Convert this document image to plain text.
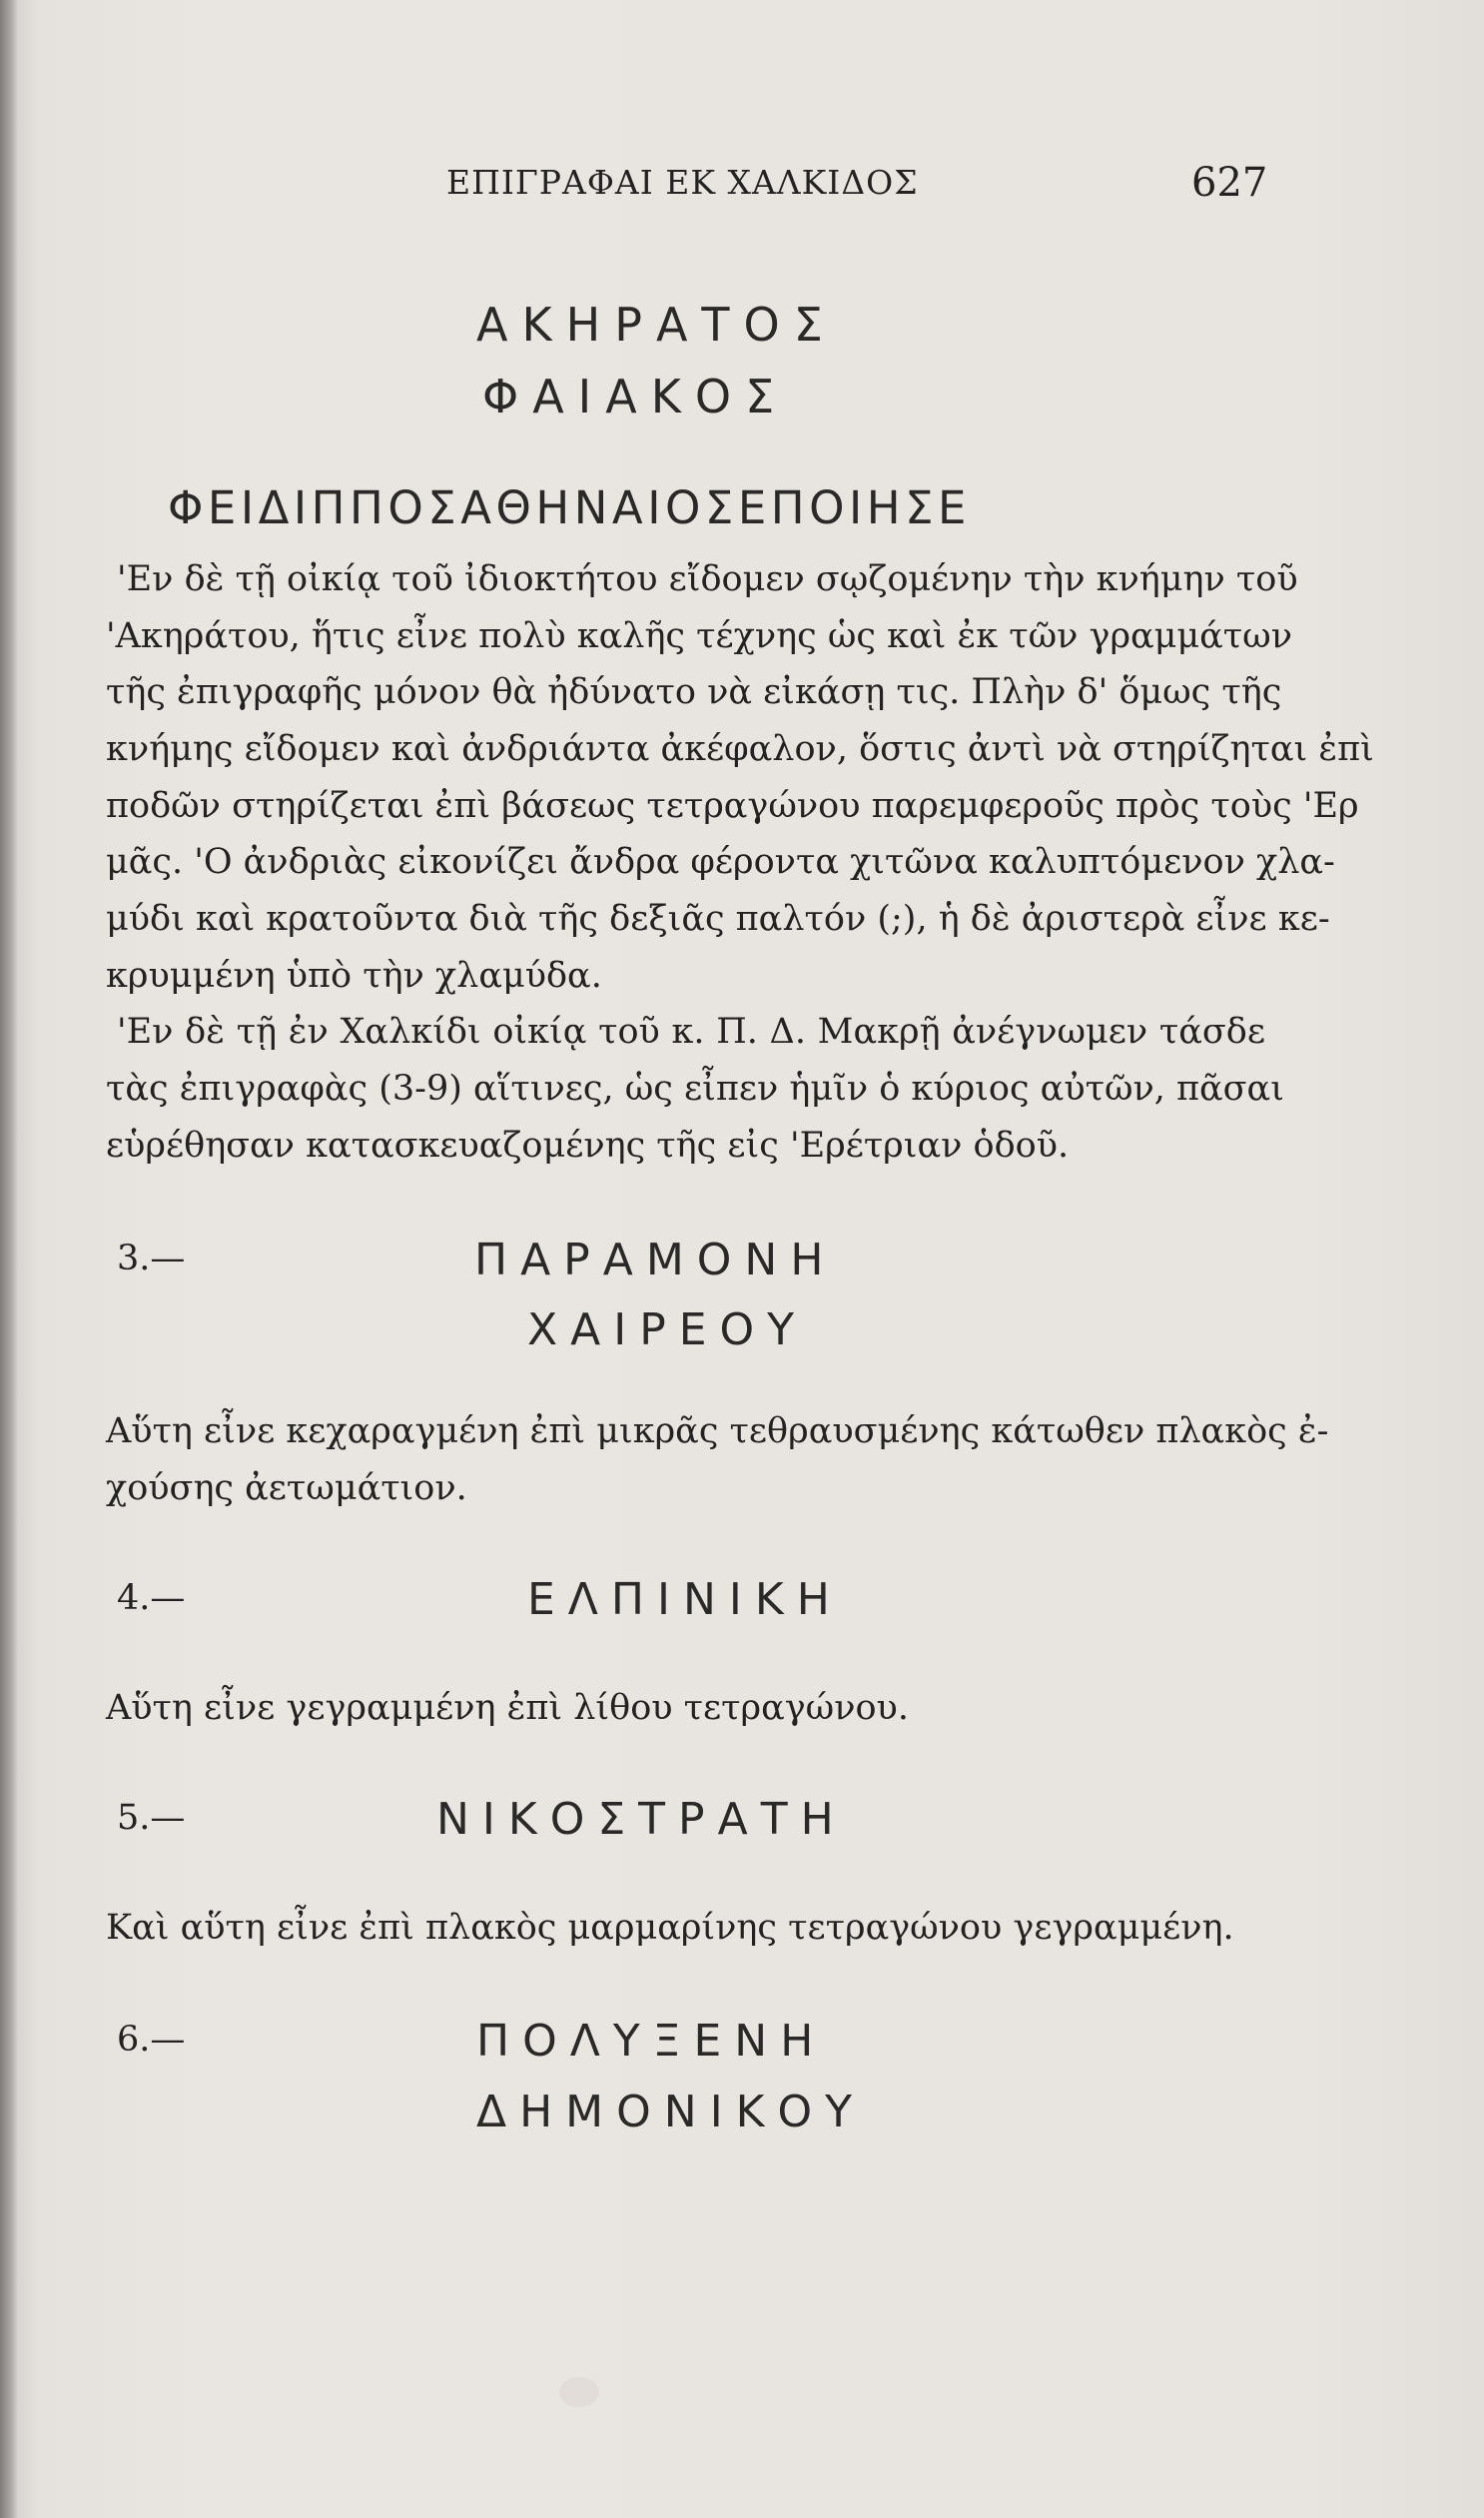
ΕΠΙΓΡΑΦΑΙ ΕΚ ΧΑΛΚΙΔΟΣ	627
ΑΚΗΡΑΤΟΣ
ΦΑΙΑΚΟΣ
ΦΕΙΔΙΠΠΟΣΑΘΗΝΑΙΟΣΕΠΟΙΗΣΕ
'Εν δὲ τῇ οἰκίᾳ τοῦ ἰδιοκτήτου εἴδομεν σῳζομένην τὴν κνήμην τοῦ
'Ακηράτου, ἥτις εἶνε πολὺ καλῆς τέχνης ὡς καὶ ἐκ τῶν γραμμάτων
τῆς ἐπιγραφῆς μόνον θὰ ἠδύνατο νὰ εἰκάσῃ τις. Πλὴν δ' ὅμως τῆς
κνήμης εἴδομεν καὶ ἀνδριάντα ἀκέφαλον, ὅστις ἀντὶ νὰ στηρίζηται ἐπὶ
ποδῶν στηρίζεται ἐπὶ βάσεως τετραγώνου παρεμφεροῦς πρὸς τοὺς 'Ερ
μᾶς. 'Ο ἀνδριὰς εἰκονίζει ἄνδρα φέροντα χιτῶνα καλυπτόμενον χλα-
μύδι καὶ κρατοῦντα διὰ τῆς δεξιᾶς παλτόν (;), ἡ δὲ ἀριστερὰ εἶνε κε-
κρυμμένη ὑπὸ τὴν χλαμύδα.
'Εν δὲ τῇ ἐν Χαλκίδι οἰκίᾳ τοῦ κ. Π. Δ. Μακρῇ ἀνέγνωμεν τάσδε
τὰς ἐπιγραφὰς (3-9) αἵτινες, ὡς εἶπεν ἡμῖν ὁ κύριος αὐτῶν, πᾶσαι
εὑρέθησαν κατασκευαζομένης τῆς εἰς 'Ερέτριαν ὁδοῦ.
3.—	ΠΑΡΑΜΟΝΗ
ΧΑΙΡΕΟΥ
Αὕτη εἶνε κεχαραγμένη ἐπὶ μικρᾶς τεθραυσμένης κάτωθεν πλακὸς ἐ-
χούσης ἀετωμάτιον.
4.—	ΕΛΠΙΝΙΚΗ
Αὕτη εἶνε γεγραμμένη ἐπὶ λίθου τετραγώνου.
5.—	ΝΙΚΟΣΤΡΑΤΗ
Καὶ αὕτη εἶνε ἐπὶ πλακὸς μαρμαρίνης τετραγώνου γεγραμμένη.
6.—	ΠΟΛΥΞΕΝΗ
ΔΗΜΟΝΙΚΟΥ
